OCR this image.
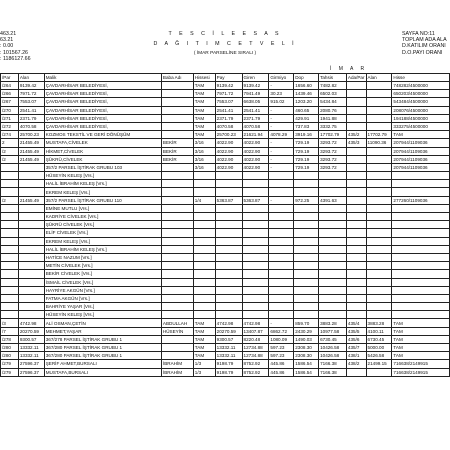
463.21
63.21
: 0.00
: 101567.26
: 1186127.66
T E S C İ L E E S A S
D A Ğ I T I M C E T V E L İ
( İMAR PARSELİNE SIRALI )
SAYFA NO:11
TOPLAM ADA ALA
D.KATILIM ORANI
D.O.PAYI ORANI
İ M A R
/Par	Alan	Malik	Baba Adı	Hissesi	Pay	Giren	Girmiyo	Dop	Tahsis	Ada/Par	Alan	Hisse
/264	9139.42	ÇAVDARHİSAR BELEDİYESİ,		TAM	9139.42	9139.42	-	1656.60	7482.82			748282/4500000
/266	7971.72	ÇAVDARHİSAR BELEDİYESİ,		TAM	7971.72	7941.49	30.23	1439.46	6502.03			650203/4500000
/267	7553.07	ÇAVDARHİSAR BELEDİYESİ,		TAM	7553.07	6638.05	915.02	1203.20	5434.84			543484/4500000
/270	2541.41	ÇAVDARHİSAR BELEDİYESİ,		TAM	2541.41	2541.41	-	460.65	2080.76			208076/4500000
/271	2371.79	ÇAVDARHİSAR BELEDİYESİ,		TAM	2371.79	2371.79	-	429.91	1941.88			194188/4500000
/272	4070.58	ÇAVDARHİSAR BELEDİYESİ,		TAM	4070.58	4070.58	-	737.83	3332.75			333275/4500000
/274	25700.23	KOZMOS TEKSTİL VE GERİ DÖNÜŞÜM		TAM	25700.23	21621.94	4078.29	3919.16	17702.79	435/2	17702.79	TAM
2	21455.49	MUSTAFA,CİVELEK	BEKİR	3/16	4022.90	4022.90	-	729.19	3293.72	435/3	11090.36	207944/1109036
/2	21455.49	HİKMET,CİVELEK	BEKİR	3/16	4022.90	4022.90	-	729.19	3293.72			207944/1109036
/2	21455.49	ŞÜKRÜ,CİVELEK	BEKİR	3/16	4022.90	4022.90	-	729.19	3293.72			207944/1109036
		357/2 PARSEL İŞTİRAK GRUBU 103		3/16	4022.90	4022.90	-	729.19	3293.72			207944/1109036
		HÜSEYİN KELEŞ [Vrs.]										
		HALİL İBRAHİM KELEŞ [Vrs.]										
		EKREM KELEŞ [Vrs.]										
/2	21455.49	357/2 PARSEL İŞTİRAK GRUBU 110		1/4	5363.87	5363.87	-	972.25	4391.63			277260/1109036
		EMİNE MUTLU [Vrs.]										
		KADRİYE CİVELEK [Vrs.]										
		ŞÜKRÜ CİVELEK [Vrs.]										
		ELİF CİVELEK [Vrs.]										
		EKREM KELEŞ [Vrs.]										
		HALİL İBRAHİM KELEŞ [Vrs.]										
		HATİCE NAZUM [Vrs.]										
		METİN CİVELEK [Vrs.]										
		BEKİR CİVELEK [Vrs.]										
		İSMAİL CİVELEK [Vrs.]										
		HAYRİYE AKGÜN [Vrs.]										
		FATMA AKGÜN [Vrs.]										
		BAHRİYE YAŞAR [Vrs.]										
		HÜSEYİN KELEŞ [Vrs.]										
/3	4742.98	ALİ OSMAN,ÇETİN	ABDULLAH	TAM	4742.98	4742.98	-	859.70	3883.28	435/4	3883.28	TAM
/7	20270.59	MEHMET,YAŞAR	HÜSEYİN	TAM	20270.59	13407.87	6862.72	2430.29	10977.58	435/5	4100.11	TAM
/278	9300.57	367/278 PARSEL İŞTİRAK GRUBU 1		TAM	9300.57	8220.48	1080.09	1490.03	6730.45	435/6	6730.45	TAM
/280	13332.11	367/280 PARSEL İŞTİRAK GRUBU 1		TAM	13332.11	12734.88	597.23	2308.30	10426.58	435/7	5000.00	TAM
/280	13332.11	367/280 PARSEL İŞTİRAK GRUBU 1		TAM	13332.11	12734.88	597.23	2308.30	10426.58	438/1	5426.58	TAM
/279	27596.37	ŞERİF AHMET,BURSALI	İBRAHİM	1/3	9198.79	8752.92	445.86	1586.54	7166.38	438/2	21499.15	716638/2149915
/279	27596.37	MUSTAFA,BURSALI	İBRAHİM	1/3	9198.79	8752.92	445.86	1586.54	7166.38			716638/2149915
